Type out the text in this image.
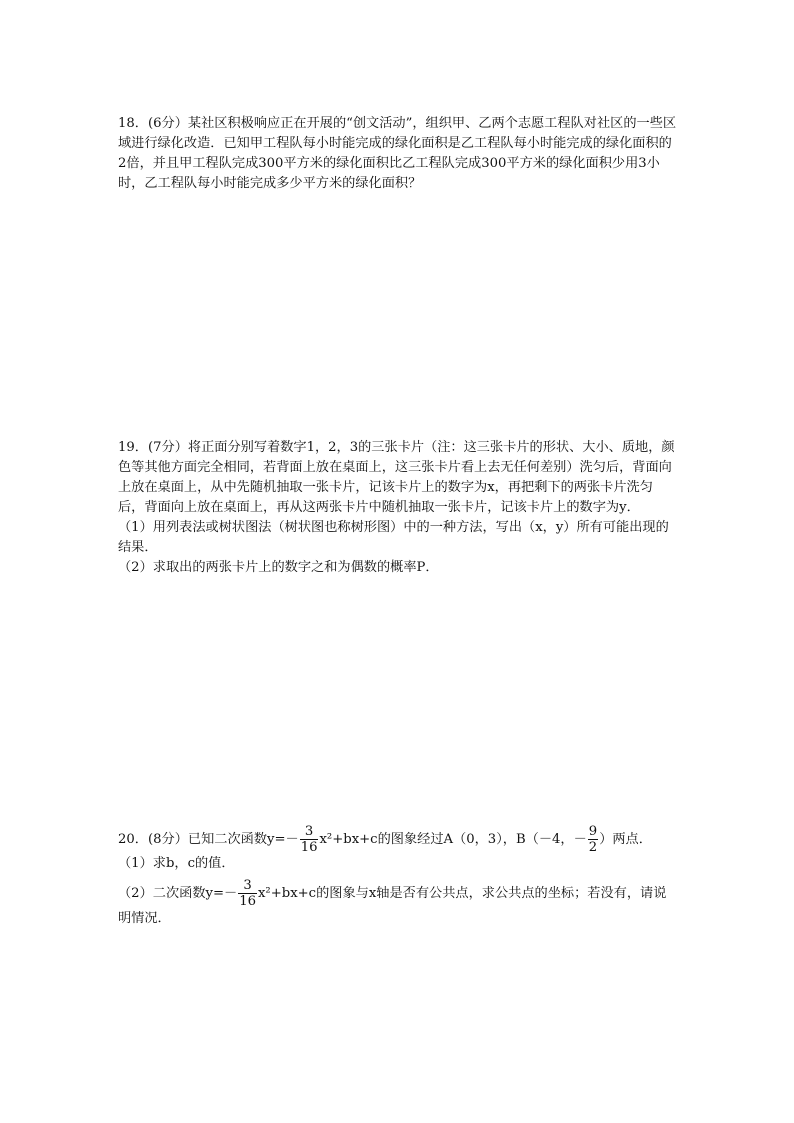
18．(6分）某社区积极响应正在开展的“创文活动”，组织甲、乙两个志愿工程队对社区的一些区域进行绿化改造．已知甲工程队每小时能完成的绿化面积是乙工程队每小时能完成的绿化面积的2倍，并且甲工程队完成300平方米的绿化面积比乙工程队完成300平方米的绿化面积少用3小时，乙工程队每小时能完成多少平方米的绿化面积？

19．(7分）将正面分别写着数字1，2，3的三张卡片（注：这三张卡片的形状、大小、质地，颜色等其他方面完全相同，若背面上放在桌面上，这三张卡片看上去无任何差别）洗匀后，背面向上放在桌面上，从中先随机抽取一张卡片，记该卡片上的数字为x，再把剩下的两张卡片洗匀后，背面向上放在桌面上，再从这两张卡片中随机抽取一张卡片，记该卡片上的数字为y．

（1）用列表法或树状图法（树状图也称树形图）中的一种方法，写出（x，y）所有可能出现的结果．

（2）求取出的两张卡片上的数字之和为偶数的概率P．

20．(8分）已知二次函数$y=- \frac{3}{16} x^2+bx+c$的图象经过A（0，3），B（－4，－ $\frac{9}{2}$ ）两点．

（1）求b，c的值．

（2）二次函数$y=- \frac{3}{16} x^2+bx+c$的图象与x轴是否有公共点，求公共点的坐标；若没有，请说明情况．
